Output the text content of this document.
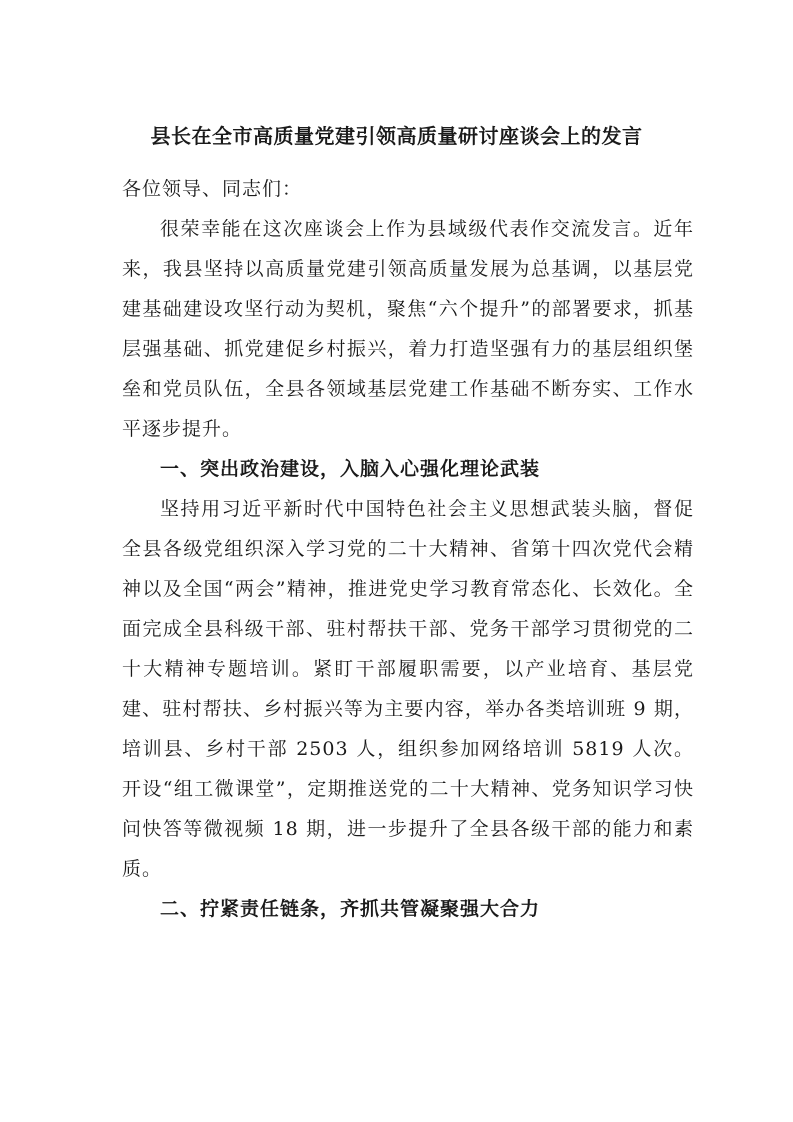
县长在全市高质量党建引领高质量研讨座谈会上的发言

各位领导、同志们：

很荣幸能在这次座谈会上作为县域级代表作交流发言。近年来，我县坚持以高质量党建引领高质量发展为总基调，以基层党建基础建设攻坚行动为契机，聚焦“六个提升”的部署要求，抓基层强基础、抓党建促乡村振兴，着力打造坚强有力的基层组织堡垒和党员队伍，全县各领域基层党建工作基础不断夯实、工作水平逐步提升。

一、突出政治建设，入脑入心强化理论武装

坚持用习近平新时代中国特色社会主义思想武装头脑，督促全县各级党组织深入学习党的二十大精神、省第十四次党代会精神以及全国“两会”精神，推进党史学习教育常态化、长效化。全面完成全县科级干部、驻村帮扶干部、党务干部学习贯彻党的二十大精神专题培训。紧盯干部履职需要，以产业培育、基层党建、驻村帮扶、乡村振兴等为主要内容，举办各类培训班 9 期，培训县、乡村干部 2503 人，组织参加网络培训 5819 人次。开设“组工微课堂”，定期推送党的二十大精神、党务知识学习快问快答等微视频 18 期，进一步提升了全县各级干部的能力和素质。

二、拧紧责任链条，齐抓共管凝聚强大合力
